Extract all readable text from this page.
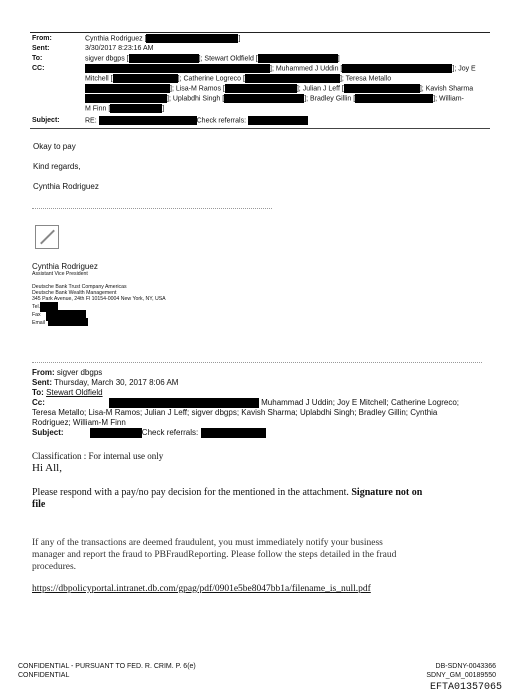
From:	Cynthia Rodriguez [	]
Sent:	3/30/2017 8:23:16 AM
To:	sigver dbgps [	]; Stewart Oldfield [	]
CC:	]; Muhammed J Uddin [	]; Joy E
Mitchell [	]; Catherine Logreco [	]; Teresa Metallo
]; Lisa-M Ramos [	]; Julian J Leff [	]; Kavish Sharma
]; Uplabdhi Singh [	]; Bradley Gillin [	]; William-
M Finn [	]
Subject:	RE:	Check referrals:
Okay to pay
Kind regards,
Cynthia Rodriguez
Cynthia Rodriguez
Assistant Vice President
Deutsche Bank Trust Company Americas
Deutsche Bank Wealth Management
345 Park Avenue, 24th Fl 10154-0004 New York, NY, USA
Tel.
Fax
Email
From: sigver dbgps
Sent: Thursday, March 30, 2017 8:06 AM
To: Stewart Oldfield
Cc:	Muhammad J Uddin; Joy E Mitchell; Catherine Logreco;
Teresa Metallo; Lisa-M Ramos; Julian J Leff; sigver dbgps; Kavish Sharma; Uplabdhi Singh; Bradley Gillin; Cynthia
Rodriguez; William-M Finn
Subject:	Check referrals:
Classification : For internal use only
Hi All,
Please respond with a pay/no pay decision for the mentioned in the attachment. Signature not on
file
If any of the transactions are deemed fraudulent, you must immediately notify your business
manager and report the fraud to PBFraudReporting. Please follow the steps detailed in the fraud
procedures.
https://dbpolicyportal.intranet.db.com/gpag/pdf/0901e5be8047bb1a/filename_is_null.pdf
CONFIDENTIAL - PURSUANT TO FED. R. CRIM. P. 6(e)
CONFIDENTIAL
DB-SDNY-0043366
SDNY_GM_00189550
EFTA01357065
